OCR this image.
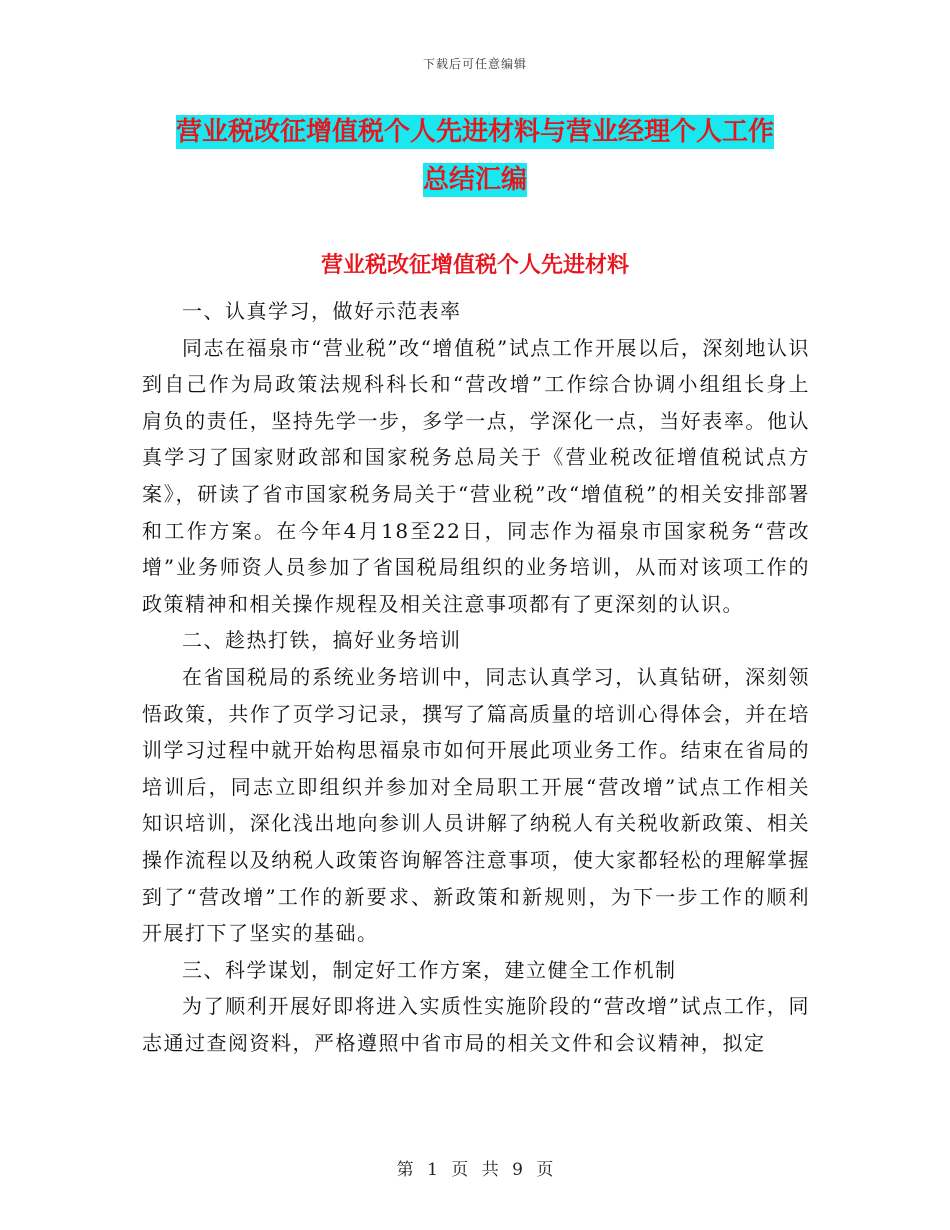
下载后可任意编辑
营业税改征增值税个人先进材料与营业经理个人工作
总结汇编
营业税改征增值税个人先进材料

一、认真学习，做好示范表率

同志在福泉市“营业税”改“增值税”试点工作开展以后，深刻地认识到自己作为局政策法规科科长和“营改增”工作综合协调小组组长身上肩负的责任，坚持先学一步，多学一点，学深化一点，当好表率。他认真学习了国家财政部和国家税务总局关于《营业税改征增值税试点方案》，研读了省市国家税务局关于“营业税”改“增值税”的相关安排部署和工作方案。在今年4月18至22日，同志作为福泉市国家税务“营改增”业务师资人员参加了省国税局组织的业务培训，从而对该项工作的政策精神和相关操作规程及相关注意事项都有了更深刻的认识。

二、趁热打铁，搞好业务培训

在省国税局的系统业务培训中，同志认真学习，认真钻研，深刻领悟政策，共作了页学习记录，撰写了篇高质量的培训心得体会，并在培训学习过程中就开始构思福泉市如何开展此项业务工作。结束在省局的培训后，同志立即组织并参加对全局职工开展“营改增”试点工作相关知识培训，深化浅出地向参训人员讲解了纳税人有关税收新政策、相关操作流程以及纳税人政策咨询解答注意事项，使大家都轻松的理解掌握到了“营改增”工作的新要求、新政策和新规则，为下一步工作的顺利开展打下了坚实的基础。

三、科学谋划，制定好工作方案，建立健全工作机制

为了顺利开展好即将进入实质性实施阶段的“营改增”试点工作，同志通过查阅资料，严格遵照中省市局的相关文件和会议精神，拟定

第 1 页 共 9 页
